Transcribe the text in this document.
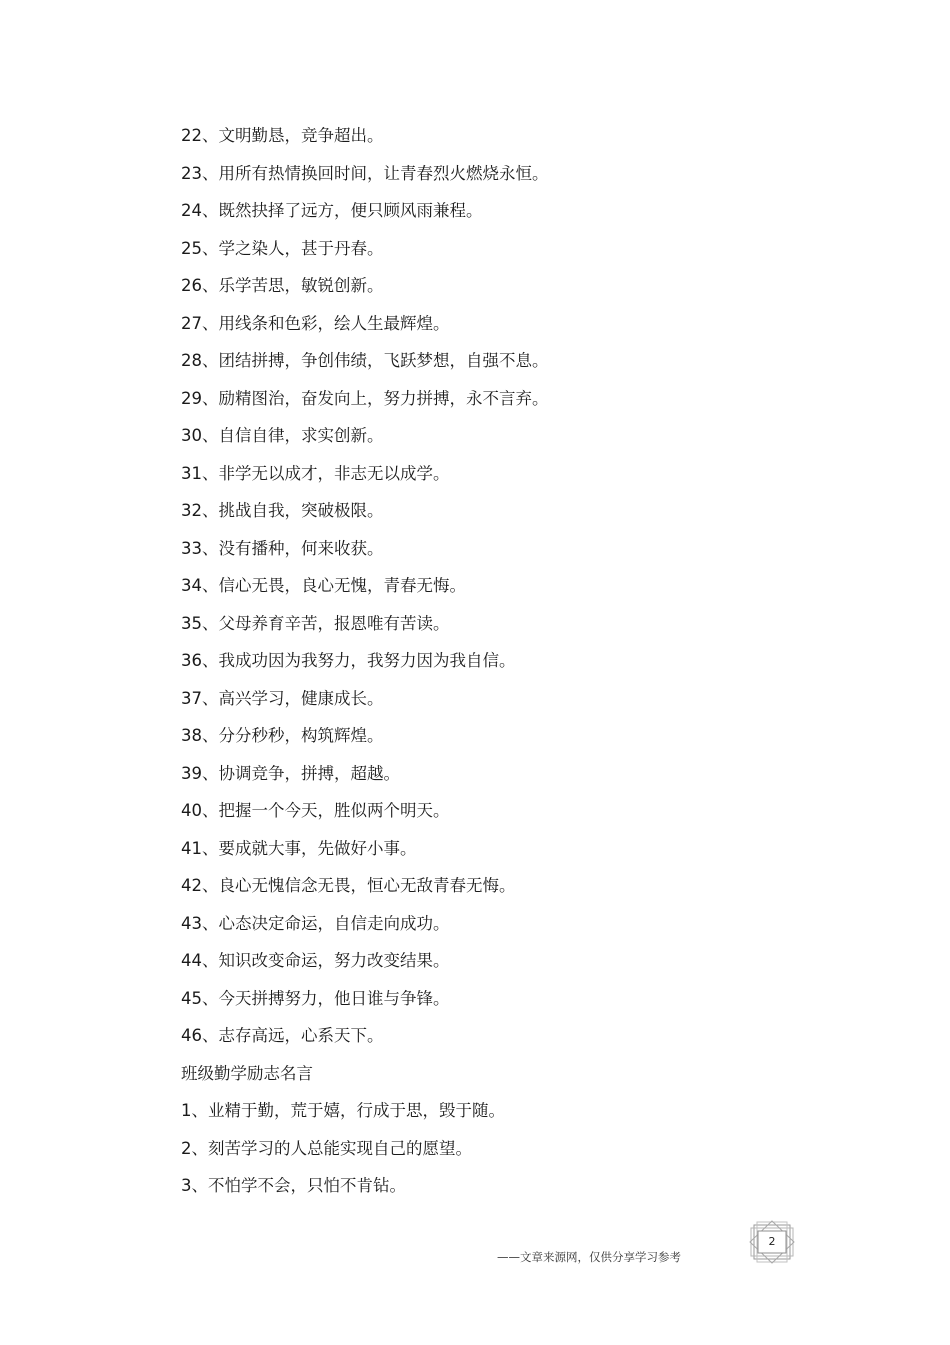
22、文明勤恳，竞争超出。
23、用所有热情换回时间，让青春烈火燃烧永恒。
24、既然抉择了远方，便只顾风雨兼程。
25、学之染人，甚于丹春。
26、乐学苦思，敏锐创新。
27、用线条和色彩，绘人生最辉煌。
28、团结拼搏，争创伟绩，飞跃梦想，自强不息。
29、励精图治，奋发向上，努力拼搏，永不言弃。
30、自信自律，求实创新。
31、非学无以成才，非志无以成学。
32、挑战自我，突破极限。
33、没有播种，何来收获。
34、信心无畏，良心无愧，青春无悔。
35、父母养育辛苦，报恩唯有苦读。
36、我成功因为我努力，我努力因为我自信。
37、高兴学习，健康成长。
38、分分秒秒，构筑辉煌。
39、协调竞争，拼搏，超越。
40、把握一个今天，胜似两个明天。
41、要成就大事，先做好小事。
42、良心无愧信念无畏，恒心无敌青春无悔。
43、心态决定命运，自信走向成功。
44、知识改变命运，努力改变结果。
45、今天拼搏努力，他日谁与争锋。
46、志存高远，心系天下。
班级勤学励志名言
1、业精于勤，荒于嬉，行成于思，毁于随。
2、刻苦学习的人总能实现自己的愿望。
3、不怕学不会，只怕不肯钻。
——文章来源网，仅供分享学习参考
2
